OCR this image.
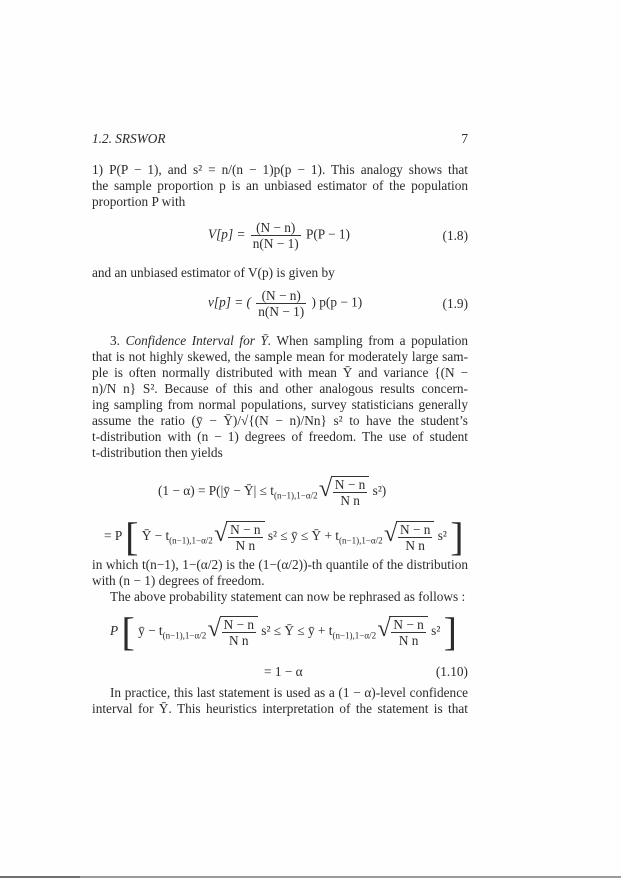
1.2. SRSWOR	7
1) P(P − 1), and s² = n/(n − 1)p(p − 1). This analogy shows that
the sample proportion p is an unbiased estimator of the population
proportion P with
$V[p] = \frac{(N - n)}{n(N - 1)} P(P - 1)$	(1.8)
and an unbiased estimator of V(p) is given by
v[p] = ( $\frac{(N - n)}{n(N - 1)}$ ) p(p − 1)	(1.9)
3. Confidence Interval for Ȳ. When sampling from a population
that is not highly skewed, the sample mean for moderately large sam-
ple is often normally distributed with mean Ȳ and variance {(N −
n)/N n} S². Because of this and other analogous results concern-
ing sampling from normal populations, survey statisticians generally
assume the ratio (ȳ − Ȳ)/√{(N − n)/Nn} s² to have the student’s
t-distribution with (n − 1) degrees of freedom. The use of student
t-distribution then yields
(1 − α) = P(|ȳ − Ȳ| ≤ $t_{(n-1),1-\alpha/2}$ √ $\frac{N - n}{\text{N n}} s^2$)
= P [ Ȳ − $t_{(n-1),1-\alpha/2}$ √ $\frac{N - n}{\text{N n}} s^2$ ≤ ȳ ≤ Ȳ + $t_{(n-1),1-\alpha/2}$ √ $\frac{N - n}{\text{N n}} s^2$ ]
in which t(n−1), 1−(α/2) is the (1−(α/2))-th quantile of the distribution
with (n − 1) degrees of freedom.
The above probability statement can now be rephrased as follows :
P [ ȳ − $t_{(n-1),1-\alpha/2}$ √ $\frac{N - n}{\text{N n}} s^2$ ≤ Ȳ ≤ ȳ + $t_{(n-1),1-\alpha/2}$ √ $\frac{N - n}{\text{N n}} s^2$ ]
= 1 − α	(1.10)
In practice, this last statement is used as a (1 − α)-level confidence
interval for Ȳ. This heuristics interpretation of the statement is that
